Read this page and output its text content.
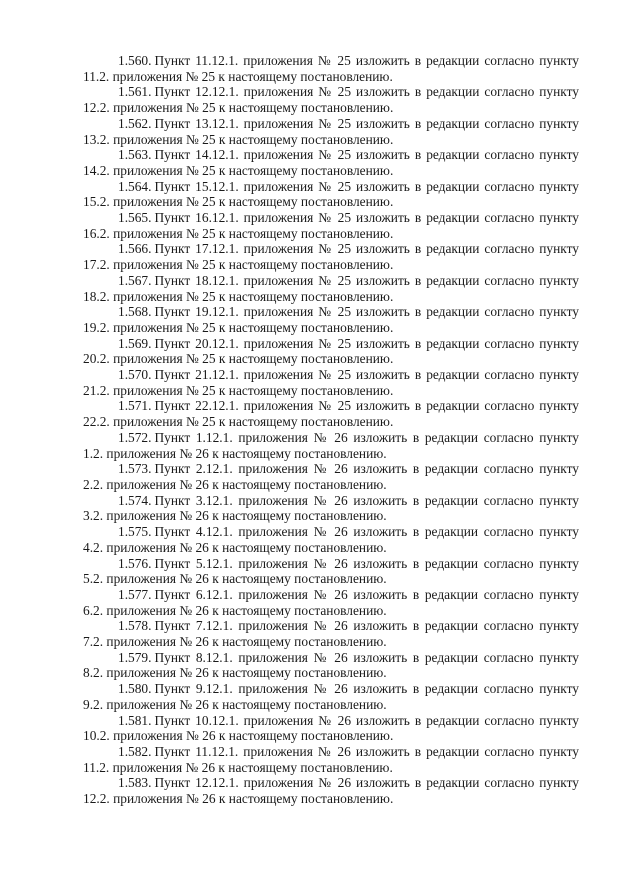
1.560. Пункт 11.12.1. приложения № 25 изложить в редакции согласно пункту 11.2. приложения № 25 к настоящему постановлению.

1.561. Пункт 12.12.1. приложения № 25 изложить в редакции согласно пункту 12.2. приложения № 25 к настоящему постановлению.

1.562. Пункт 13.12.1. приложения № 25 изложить в редакции согласно пункту 13.2. приложения № 25 к настоящему постановлению.

1.563. Пункт 14.12.1. приложения № 25 изложить в редакции согласно пункту 14.2. приложения № 25 к настоящему постановлению.

1.564. Пункт 15.12.1. приложения № 25 изложить в редакции согласно пункту 15.2. приложения № 25 к настоящему постановлению.

1.565. Пункт 16.12.1. приложения № 25 изложить в редакции согласно пункту 16.2. приложения № 25 к настоящему постановлению.

1.566. Пункт 17.12.1. приложения № 25 изложить в редакции согласно пункту 17.2. приложения № 25 к настоящему постановлению.

1.567. Пункт 18.12.1. приложения № 25 изложить в редакции согласно пункту 18.2. приложения № 25 к настоящему постановлению.

1.568. Пункт 19.12.1. приложения № 25 изложить в редакции согласно пункту 19.2. приложения № 25 к настоящему постановлению.

1.569. Пункт 20.12.1. приложения № 25 изложить в редакции согласно пункту 20.2. приложения № 25 к настоящему постановлению.

1.570. Пункт 21.12.1. приложения № 25 изложить в редакции согласно пункту 21.2. приложения № 25 к настоящему постановлению.

1.571. Пункт 22.12.1. приложения № 25 изложить в редакции согласно пункту 22.2. приложения № 25 к настоящему постановлению.

1.572. Пункт 1.12.1. приложения № 26 изложить в редакции согласно пункту 1.2. приложения № 26 к настоящему постановлению.

1.573. Пункт 2.12.1. приложения № 26 изложить в редакции согласно пункту 2.2. приложения № 26 к настоящему постановлению.

1.574. Пункт 3.12.1. приложения № 26 изложить в редакции согласно пункту 3.2. приложения № 26 к настоящему постановлению.

1.575. Пункт 4.12.1. приложения № 26 изложить в редакции согласно пункту 4.2. приложения № 26 к настоящему постановлению.

1.576. Пункт 5.12.1. приложения № 26 изложить в редакции согласно пункту 5.2. приложения № 26 к настоящему постановлению.

1.577. Пункт 6.12.1. приложения № 26 изложить в редакции согласно пункту 6.2. приложения № 26 к настоящему постановлению.

1.578. Пункт 7.12.1. приложения № 26 изложить в редакции согласно пункту 7.2. приложения № 26 к настоящему постановлению.

1.579. Пункт 8.12.1. приложения № 26 изложить в редакции согласно пункту 8.2. приложения № 26 к настоящему постановлению.

1.580. Пункт 9.12.1. приложения № 26 изложить в редакции согласно пункту 9.2. приложения № 26 к настоящему постановлению.

1.581. Пункт 10.12.1. приложения № 26 изложить в редакции согласно пункту 10.2. приложения № 26 к настоящему постановлению.

1.582. Пункт 11.12.1. приложения № 26 изложить в редакции согласно пункту 11.2. приложения № 26 к настоящему постановлению.

1.583. Пункт 12.12.1. приложения № 26 изложить в редакции согласно пункту 12.2. приложения № 26 к настоящему постановлению.
